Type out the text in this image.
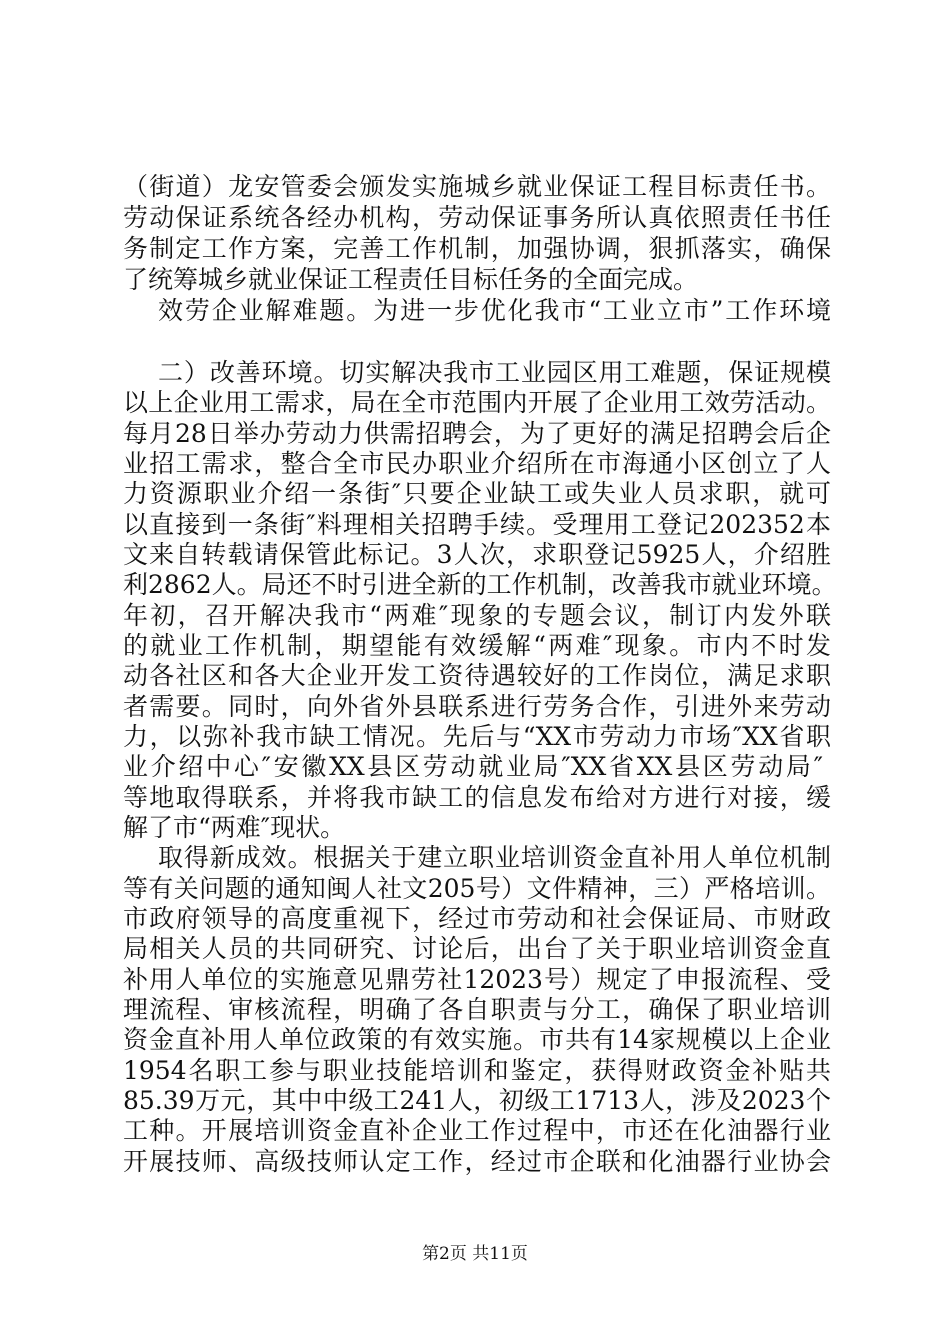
（街道）龙安管委会颁发实施城乡就业保证工程目标责任书。

劳动保证系统各经办机构，劳动保证事务所认真依照责任书任

务制定工作方案，完善工作机制，加强协调，狠抓落实，确保

了统筹城乡就业保证工程责任目标任务的全面完成。

效劳企业解难题。为进一步优化我市“工业立市”工作环境

二）改善环境。切实解决我市工业园区用工难题，保证规模

以上企业用工需求，局在全市范围内开展了企业用工效劳活动。

每月28日举办劳动力供需招聘会，为了更好的满足招聘会后企

业招工需求，整合全市民办职业介绍所在市海通小区创立了人

力资源职业介绍一条街″只要企业缺工或失业人员求职，就可

以直接到一条街″料理相关招聘手续。受理用工登记202352本

文来自转载请保管此标记。3人次，求职登记5925人，介绍胜

利2862人。局还不时引进全新的工作机制，改善我市就业环境。

年初，召开解决我市“两难″现象的专题会议，制订内发外联

的就业工作机制，期望能有效缓解“两难″现象。市内不时发

动各社区和各大企业开发工资待遇较好的工作岗位，满足求职

者需要。同时，向外省外县联系进行劳务合作，引进外来劳动

力，以弥补我市缺工情况。先后与“XX市劳动力市场″XX省职

业介绍中心″安徽XX县区劳动就业局″XX省XX县区劳动局″

等地取得联系，并将我市缺工的信息发布给对方进行对接，缓

解了市“两难″现状。

取得新成效。根据关于建立职业培训资金直补用人单位机制

等有关问题的通知闽人社文205号）文件精神，三）严格培训。

市政府领导的高度重视下，经过市劳动和社会保证局、市财政

局相关人员的共同研究、讨论后，出台了关于职业培训资金直

补用人单位的实施意见鼎劳社12023号）规定了申报流程、受

理流程、审核流程，明确了各自职责与分工，确保了职业培训

资金直补用人单位政策的有效实施。市共有14家规模以上企业

1954名职工参与职业技能培训和鉴定，获得财政资金补贴共

85.39万元，其中中级工241人，初级工1713人，涉及2023个

工种。开展培训资金直补企业工作过程中，市还在化油器行业

开展技师、高级技师认定工作，经过市企联和化油器行业协会

第2页 共11页
